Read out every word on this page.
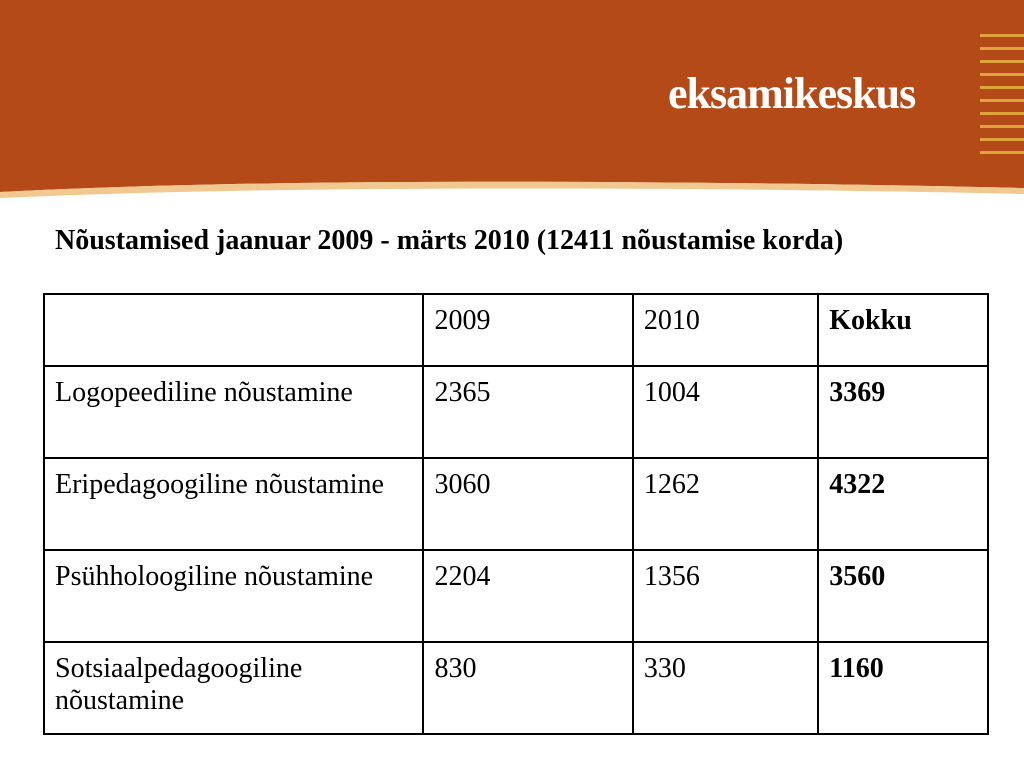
eksamikeskus
Nõustamised jaanuar 2009 - märts 2010 (12411 nõustamise korda)
	2009	2010	Kokku
Logopeediline nõustamine	2365	1004	3369
Eripedagoogiline nõustamine	3060	1262	4322
Psühholoogiline nõustamine	2204	1356	3560
Sotsiaalpedagoogiline nõustamine	830	330	1160
